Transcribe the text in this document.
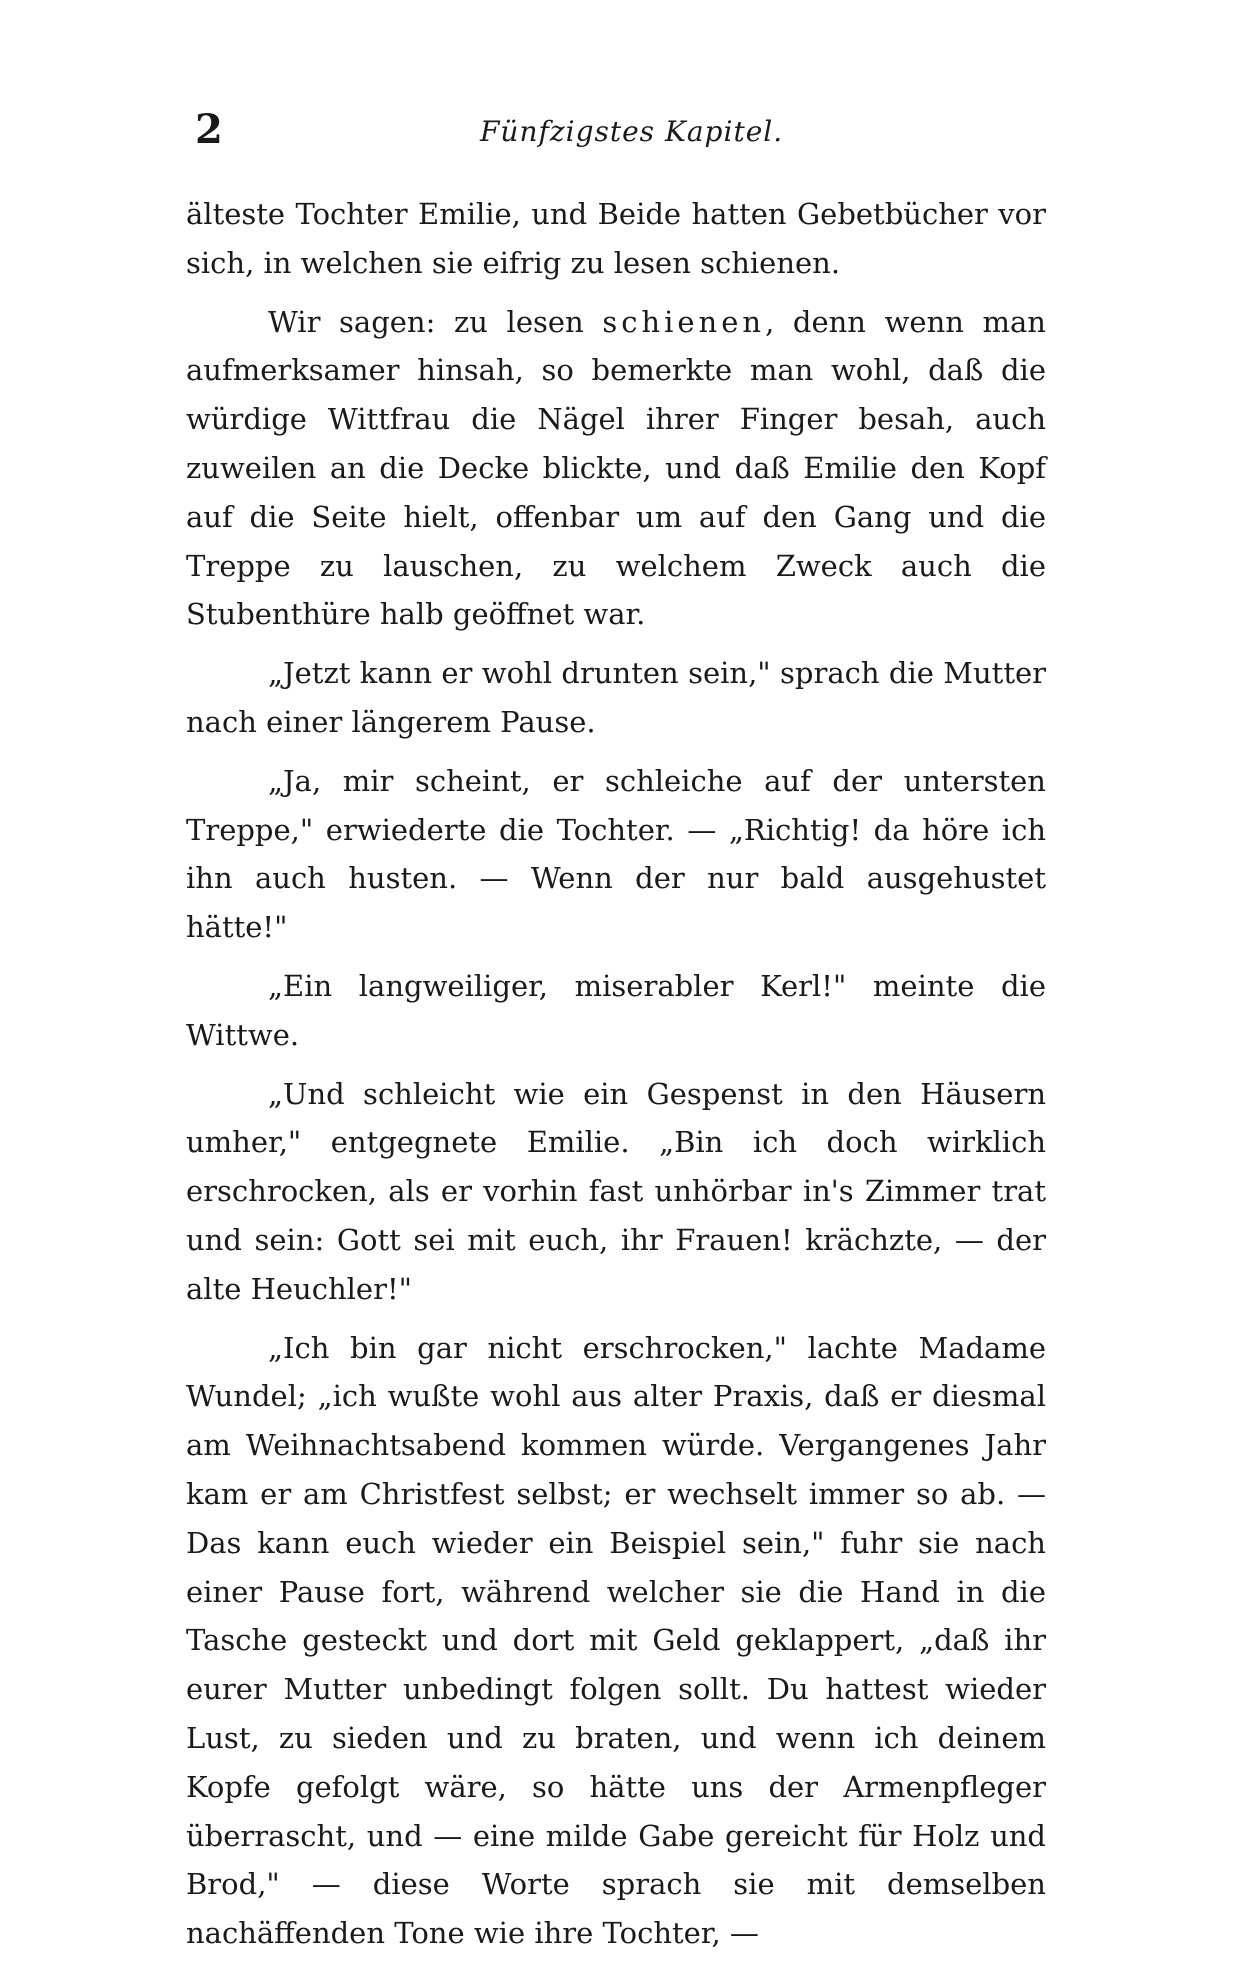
2	Fünfzigstes Kapitel.

älteste Tochter Emilie, und Beide hatten Gebetbücher vor sich, in welchen sie eifrig zu lesen schienen.

Wir sagen: zu lesen schienen, denn wenn man aufmerksamer hinsah, so bemerkte man wohl, daß die würdige Wittfrau die Nägel ihrer Finger besah, auch zuweilen an die Decke blickte, und daß Emilie den Kopf auf die Seite hielt, offenbar um auf den Gang und die Treppe zu lauschen, zu welchem Zweck auch die Stubenthüre halb geöffnet war.

„Jetzt kann er wohl drunten sein," sprach die Mutter nach einer längerem Pause.

„Ja, mir scheint, er schleiche auf der untersten Treppe," erwiederte die Tochter. — „Richtig! da höre ich ihn auch husten. — Wenn der nur bald ausgehustet hätte!"

„Ein langweiliger, miserabler Kerl!" meinte die Wittwe.

„Und schleicht wie ein Gespenst in den Häusern umher," entgegnete Emilie. „Bin ich doch wirklich erschrocken, als er vorhin fast unhörbar in's Zimmer trat und sein: Gott sei mit euch, ihr Frauen! krächzte, — der alte Heuchler!"

„Ich bin gar nicht erschrocken," lachte Madame Wundel; „ich wußte wohl aus alter Praxis, daß er diesmal am Weihnachtsabend kommen würde. Vergangenes Jahr kam er am Christfest selbst; er wechselt immer so ab. — Das kann euch wieder ein Beispiel sein," fuhr sie nach einer Pause fort, während welcher sie die Hand in die Tasche gesteckt und dort mit Geld geklappert, „daß ihr eurer Mutter unbedingt folgen sollt. Du hattest wieder Lust, zu sieden und zu braten, und wenn ich deinem Kopfe gefolgt wäre, so hätte uns der Armenpfleger überrascht, und — eine milde Gabe gereicht für Holz und Brod," — diese Worte sprach sie mit demselben nachäffenden Tone wie ihre Tochter, —
